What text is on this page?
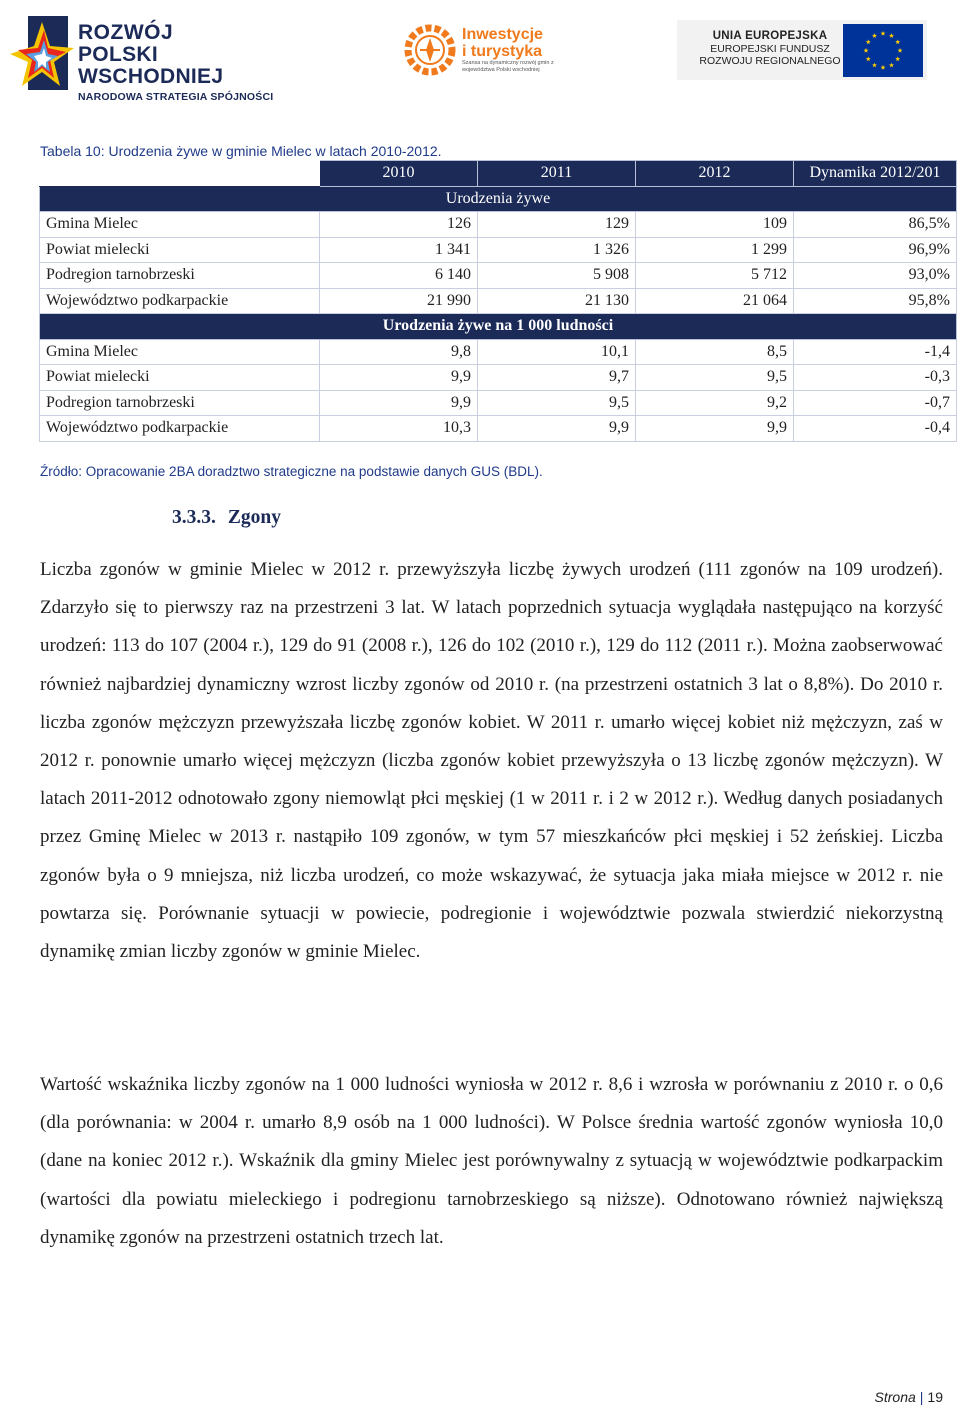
ROZWÓJ
POLSKI WSCHODNIEJ
NARODOWA STRATEGIA SPÓJNOŚCI
Inwestycje
i turystyka
Szansa na dynamiczny rozwój gmin z województwa Polski wschodniej
UNIA EUROPEJSKA
EUROPEJSKI FUNDUSZ
ROZWOJU REGIONALNEGO
Tabela 10: Urodzenia żywe w gminie Mielec w latach 2010-2012.
	2010	2011	2012	Dynamika 2012/201
Urodzenia żywe				
Gmina Mielec	126	129	109	86,5%
Powiat mielecki	1 341	1 326	1 299	96,9%
Podregion tarnobrzeski	6 140	5 908	5 712	93,0%
Województwo podkarpackie	21 990	21 130	21 064	95,8%
Urodzenia żywe na 1 000 ludności				
Gmina Mielec	9,8	10,1	8,5	-1,4
Powiat mielecki	9,9	9,7	9,5	-0,3
Podregion tarnobrzeski	9,9	9,5	9,2	-0,7
Województwo podkarpackie	10,3	9,9	9,9	-0,4
Źródło: Opracowanie 2BA doradztwo strategiczne na podstawie danych GUS (BDL).
3.3.3. Zgony
Liczba zgonów w gminie Mielec w 2012 r. przewyższyła liczbę żywych urodzeń (111 zgonów na 109 urodzeń). Zdarzyło się to pierwszy raz na przestrzeni 3 lat. W latach poprzednich sytuacja wyglądała następująco na korzyść urodzeń: 113 do 107 (2004 r.), 129 do 91 (2008 r.), 126 do 102 (2010 r.), 129 do 112 (2011 r.). Można zaobserwować również najbardziej dynamiczny wzrost liczby zgonów od 2010 r. (na przestrzeni ostatnich 3 lat o 8,8%). Do 2010 r. liczba zgonów mężczyzn przewyższała liczbę zgonów kobiet. W 2011 r. umarło więcej kobiet niż mężczyzn, zaś w 2012 r. ponownie umarło więcej mężczyzn (liczba zgonów kobiet przewyższyła o 13 liczbę zgonów mężczyzn). W latach 2011-2012 odnotowało zgony niemowląt płci męskiej (1 w 2011 r. i 2 w 2012 r.). Według danych posiadanych przez Gminę Mielec w 2013 r. nastąpiło 109 zgonów, w tym 57 mieszkańców płci męskiej i 52 żeńskiej. Liczba zgonów była o 9 mniejsza, niż liczba urodzeń, co może wskazywać, że sytuacja jaka miała miejsce w 2012 r. nie powtarza się. Porównanie sytuacji w powiecie, podregionie i województwie pozwala stwierdzić niekorzystną dynamikę zmian liczby zgonów w gminie Mielec.
Wartość wskaźnika liczby zgonów na 1 000 ludności wyniosła w 2012 r. 8,6 i wzrosła w porównaniu z 2010 r. o 0,6 (dla porównania: w 2004 r. umarło 8,9 osób na 1 000 ludności). W Polsce średnia wartość zgonów wyniosła 10,0 (dane na koniec 2012 r.). Wskaźnik dla gminy Mielec jest porównywalny z sytuacją w województwie podkarpackim (wartości dla powiatu mieleckiego i podregionu tarnobrzeskiego są niższe). Odnotowano również największą dynamikę zgonów na przestrzeni ostatnich trzech lat.
Strona | 19
